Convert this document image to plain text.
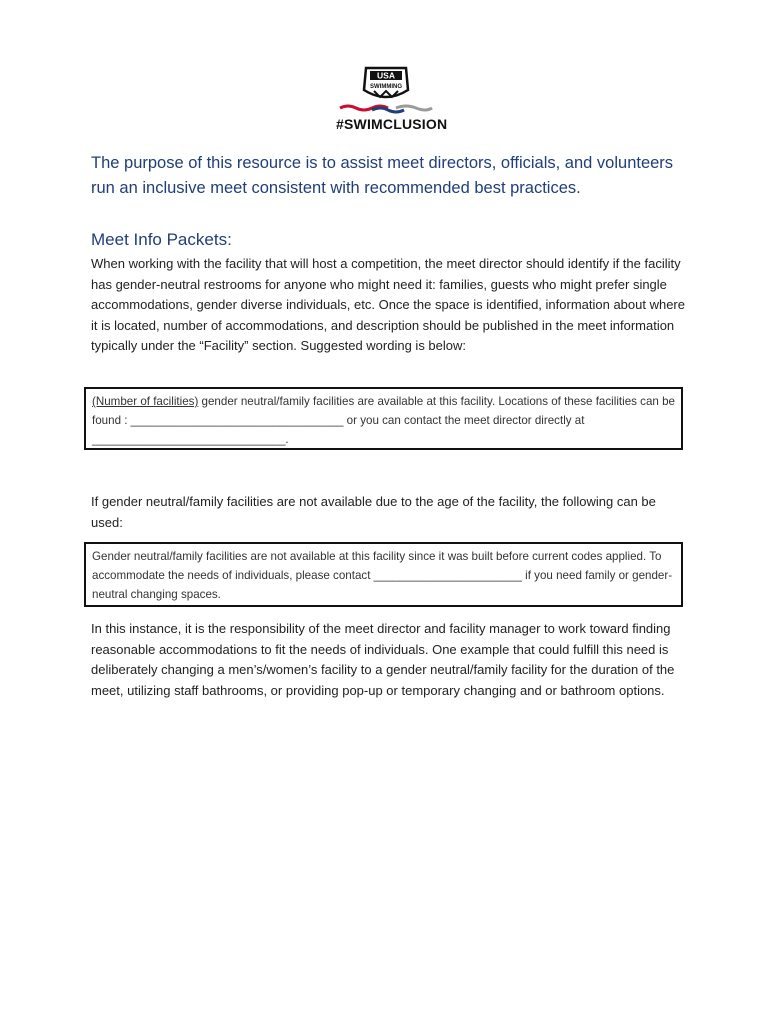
USA
SWIMMING
#SWIMCLUSION
The purpose of this resource is to assist meet directors, officials, and volunteers run an inclusive meet consistent with recommended best practices.
Meet Info Packets:
When working with the facility that will host a competition, the meet director should identify if the facility has gender-neutral restrooms for anyone who might need it: families, guests who might prefer single accommodations, gender diverse individuals, etc. Once the space is identified, information about where it is located, number of accommodations, and description should be published in the meet information typically under the “Facility” section. Suggested wording is below:
(Number of facilities) gender neutral/family facilities are available at this facility. Locations of these facilities can be found : _________________________________ or you can contact the meet director directly at ______________________________.
If gender neutral/family facilities are not available due to the age of the facility, the following can be used:
Gender neutral/family facilities are not available at this facility since it was built before current codes applied. To accommodate the needs of individuals, please contact _______________________ if you need family or gender-neutral changing spaces.
In this instance, it is the responsibility of the meet director and facility manager to work toward finding reasonable accommodations to fit the needs of individuals. One example that could fulfill this need is deliberately changing a men’s/women’s facility to a gender neutral/family facility for the duration of the meet, utilizing staff bathrooms, or providing pop-up or temporary changing and or bathroom options.
